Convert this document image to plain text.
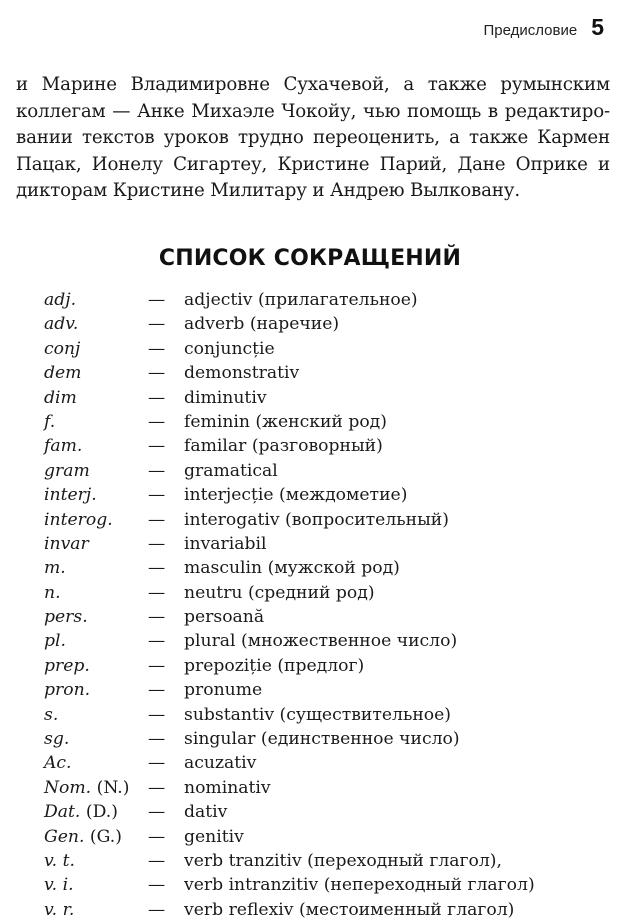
Предисловие 5

и Марине Владимировне Сухачевой, а также румынским
коллегам — Анке Михаэле Чокойу, чью помощь в редактиро-
вании текстов уроков трудно переоценить, а также Кармен
Пацак, Ионелу Сигартеу, Кристине Парий, Дане Оприке и
дикторам Кристине Милитару и Андрею Вылковану.

СПИСОК СОКРАЩЕНИЙ
adj.	—	adjectiv (прилагательное)
adv.	—	adverb (наречие)
conj	—	conjuncție
dem	—	demonstrativ
dim	—	diminutiv
f.	—	feminin (женский род)
fam.	—	familar (разговорный)
gram	—	gramatical
interj.	—	interjecție (междометие)
interog.	—	interogativ (вопросительный)
invar	—	invariabil
m.	—	masculin (мужской род)
n.	—	neutru (средний род)
pers.	—	persoană
pl.	—	plural (множественное число)
prep.	—	prepoziție (предлог)
pron.	—	pronume
s.	—	substantiv (существительное)
sg.	—	singular (единственное число)
Ac.	—	acuzativ
Nom. (N.)	—	nominativ
Dat. (D.)	—	dativ
Gen. (G.)	—	genitiv
v. t.	—	verb tranzitiv (переходный глагол),
v. i.	—	verb intranzitiv (непереходный глагол)
v. r.	—	verb reflexiv (местоименный глагол)
